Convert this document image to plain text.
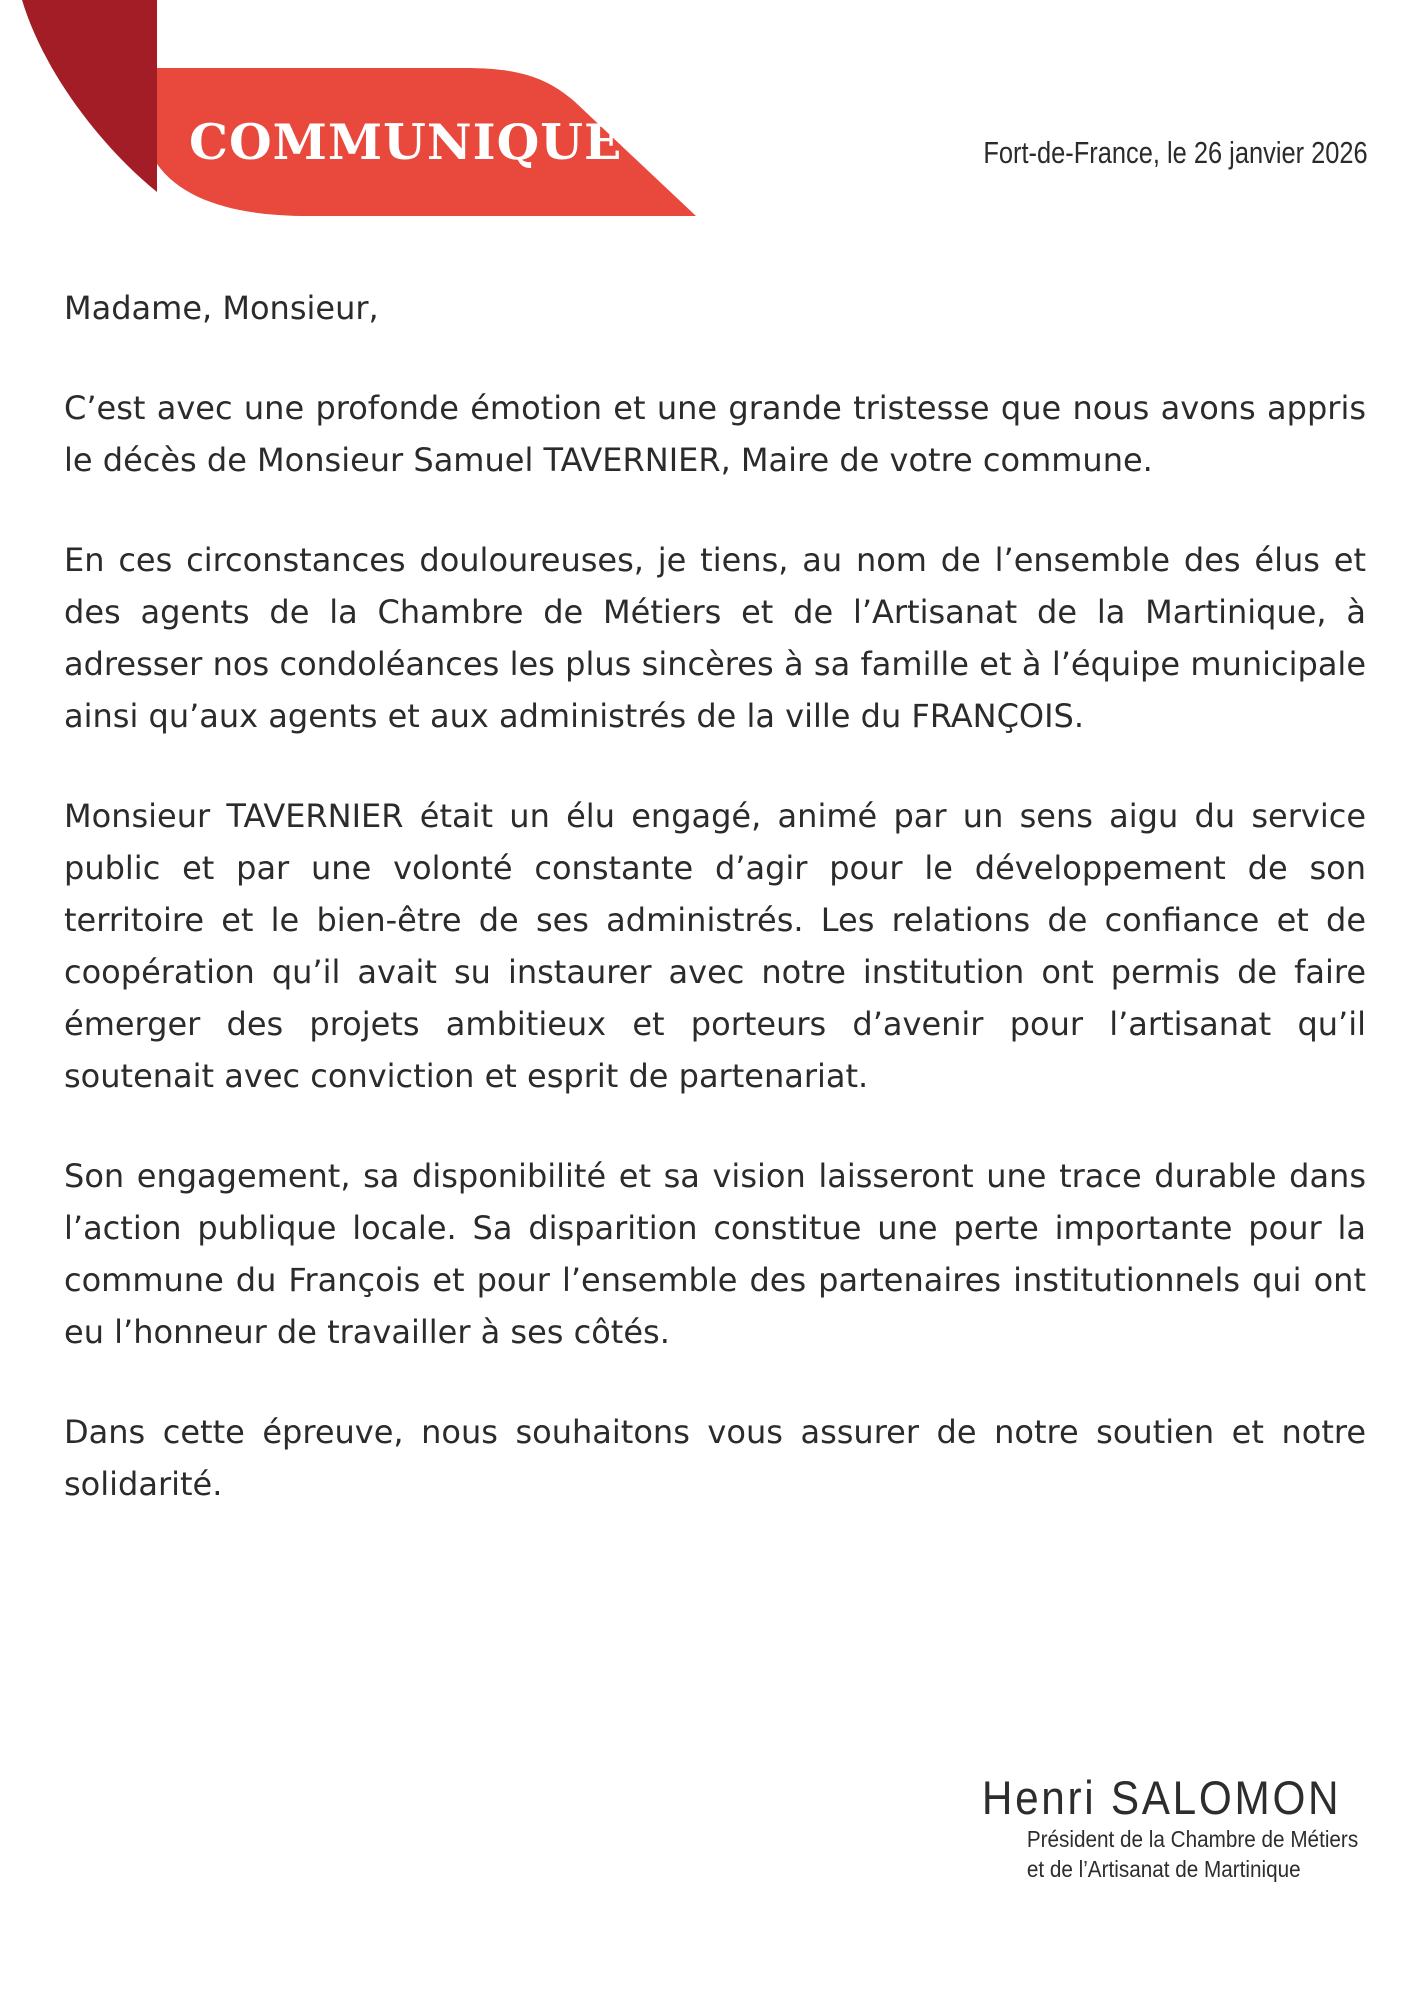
COMMUNIQUÉ	Fort-de-France, le 26 janvier 2026

Madame, Monsieur,

C’est avec une profonde émotion et une grande tristesse que nous avons appris le décès de Monsieur Samuel TAVERNIER, Maire de votre commune.

En ces circonstances douloureuses, je tiens, au nom de l’ensemble des élus et des agents de la Chambre de Métiers et de l’Artisanat de la Martinique, à adresser nos condoléances les plus sincères à sa famille et à l’équipe municipale ainsi qu’aux agents et aux administrés de la ville du FRANÇOIS.

Monsieur TAVERNIER était un élu engagé, animé par un sens aigu du service public et par une volonté constante d’agir pour le développement de son territoire et le bien-être de ses administrés. Les relations de confiance et de coopération qu’il avait su instaurer avec notre institution ont permis de faire émerger des projets ambitieux et porteurs d’avenir pour l’artisanat qu’il soutenait avec conviction et esprit de partenariat.

Son engagement, sa disponibilité et sa vision laisseront une trace durable dans l’action publique locale. Sa disparition constitue une perte importante pour la commune du François et pour l’ensemble des partenaires institutionnels qui ont eu l’honneur de travailler à ses côtés.

Dans cette épreuve, nous souhaitons vous assurer de notre soutien et notre solidarité.

Henri SALOMON
Président de la Chambre de Métiers
et de l’Artisanat de Martinique
